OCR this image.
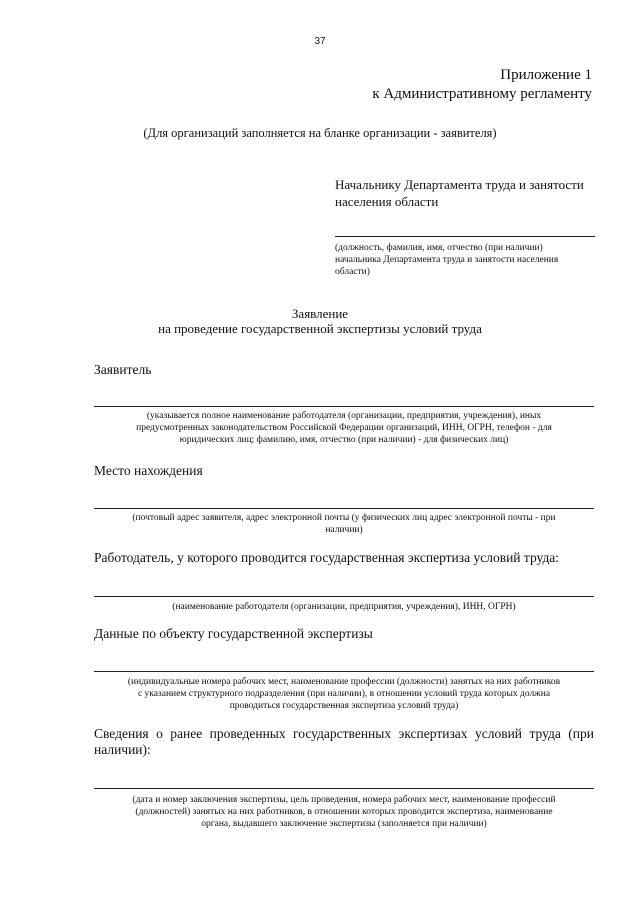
37
Приложение 1
к Административному регламенту
(Для организаций заполняется на бланке организации - заявителя)
Начальнику Департамента труда и занятости
населения области
(должность, фамилия, имя, отчество (при наличии)
начальника Департамента труда и занятости населения
области)
Заявление
на проведение государственной экспертизы условий труда
Заявитель
(указывается полное наименование работодателя (организации, предприятия, учреждения), иных
предусмотренных законодательством Российской Федерации организаций, ИНН, ОГРН, телефон - для
юридических лиц; фамилию, имя, отчество (при наличии) - для физических лиц)
Место нахождения
(почтовый адрес заявителя, адрес электронной почты (у физических лиц адрес электронной почты - при
наличии)
Работодатель, у которого проводится государственная экспертиза условий труда:
(наименование работодателя (организации, предприятия, учреждения), ИНН, ОГРН)
Данные по объекту государственной экспертизы
(индивидуальные номера рабочих мест, наименование профессии (должности) занятых на них работников
с указанием структурного подразделения (при наличии), в отношении условий труда которых должна
проводиться государственная экспертиза условий труда)
Сведения о ранее проведенных государственных экспертизах условий труда (при наличии):
(дата и номер заключения экспертизы, цель проведения, номера рабочих мест, наименование профессий
(должностей) занятых на них работников, в отношении которых проводится экспертиза, наименование
органа, выдавшего заключение экспертизы (заполняется при наличии)
